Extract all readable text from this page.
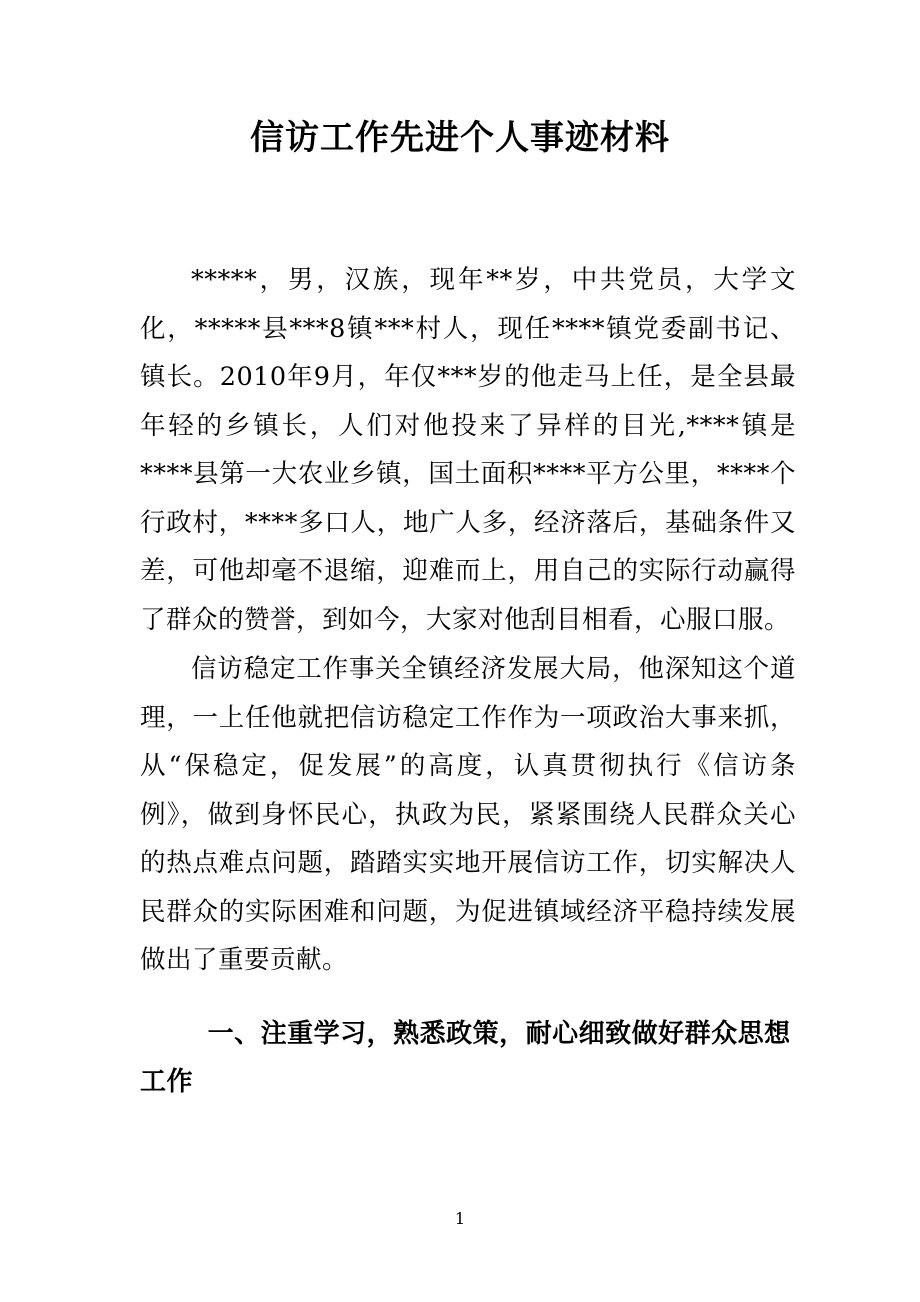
信访工作先进个人事迹材料

*****，男，汉族，现年**岁，中共党员，大学文化，*****县***8镇***村人，现任****镇党委副书记、镇长。2010年9月，年仅***岁的他走马上任，是全县最年轻的乡镇长，人们对他投来了异样的目光,****镇是****县第一大农业乡镇，国土面积****平方公里，****个行政村，****多口人，地广人多，经济落后，基础条件又差，可他却毫不退缩，迎难而上，用自己的实际行动赢得了群众的赞誉，到如今，大家对他刮目相看，心服口服。

信访稳定工作事关全镇经济发展大局，他深知这个道理，一上任他就把信访稳定工作作为一项政治大事来抓，从“保稳定，促发展”的高度，认真贯彻执行《信访条例》，做到身怀民心，执政为民，紧紧围绕人民群众关心的热点难点问题，踏踏实实地开展信访工作，切实解决人民群众的实际困难和问题，为促进镇域经济平稳持续发展做出了重要贡献。

一、注重学习，熟悉政策，耐心细致做好群众思想工作
1
